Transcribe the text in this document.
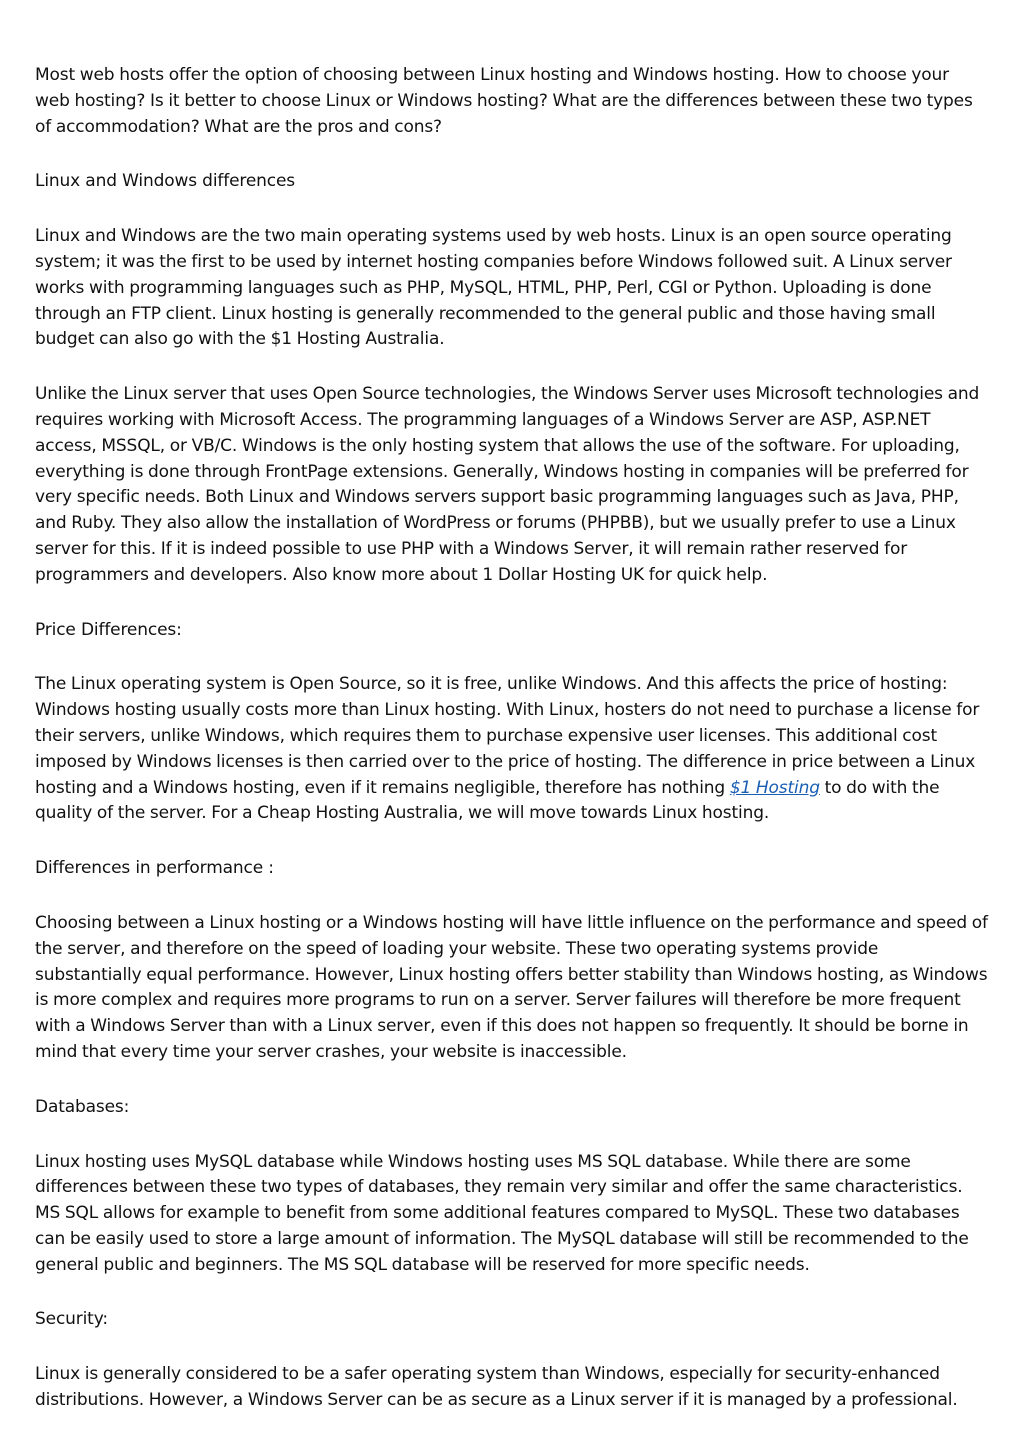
Most web hosts offer the option of choosing between Linux hosting and Windows hosting. How to choose your web hosting? Is it better to choose Linux or Windows hosting? What are the differences between these two types of accommodation? What are the pros and cons?

Linux and Windows differences

Linux and Windows are the two main operating systems used by web hosts. Linux is an open source operating system; it was the first to be used by internet hosting companies before Windows followed suit. A Linux server works with programming languages such as PHP, MySQL, HTML, PHP, Perl, CGI or Python. Uploading is done through an FTP client. Linux hosting is generally recommended to the general public and those having small budget can also go with the $1 Hosting Australia.

Unlike the Linux server that uses Open Source technologies, the Windows Server uses Microsoft technologies and requires working with Microsoft Access. The programming languages of a Windows Server are ASP, ASP.NET access, MSSQL, or VB/C. Windows is the only hosting system that allows the use of the software. For uploading, everything is done through FrontPage extensions. Generally, Windows hosting in companies will be preferred for very specific needs. Both Linux and Windows servers support basic programming languages such as Java, PHP, and Ruby. They also allow the installation of WordPress or forums (PHPBB), but we usually prefer to use a Linux server for this. If it is indeed possible to use PHP with a Windows Server, it will remain rather reserved for programmers and developers. Also know more about 1 Dollar Hosting UK for quick help.

Price Differences:

The Linux operating system is Open Source, so it is free, unlike Windows. And this affects the price of hosting: Windows hosting usually costs more than Linux hosting. With Linux, hosters do not need to purchase a license for their servers, unlike Windows, which requires them to purchase expensive user licenses. This additional cost imposed by Windows licenses is then carried over to the price of hosting. The difference in price between a Linux hosting and a Windows hosting, even if it remains negligible, therefore has nothing $1 Hosting to do with the quality of the server. For a Cheap Hosting Australia, we will move towards Linux hosting.

Differences in performance :

Choosing between a Linux hosting or a Windows hosting will have little influence on the performance and speed of the server, and therefore on the speed of loading your website. These two operating systems provide substantially equal performance. However, Linux hosting offers better stability than Windows hosting, as Windows is more complex and requires more programs to run on a server. Server failures will therefore be more frequent with a Windows Server than with a Linux server, even if this does not happen so frequently. It should be borne in mind that every time your server crashes, your website is inaccessible.

Databases:

Linux hosting uses MySQL database while Windows hosting uses MS SQL database. While there are some differences between these two types of databases, they remain very similar and offer the same characteristics. MS SQL allows for example to benefit from some additional features compared to MySQL. These two databases can be easily used to store a large amount of information. The MySQL database will still be recommended to the general public and beginners. The MS SQL database will be reserved for more specific needs.

Security:

Linux is generally considered to be a safer operating system than Windows, especially for security-enhanced distributions. However, a Windows Server can be as secure as a Linux server if it is managed by a professional.
